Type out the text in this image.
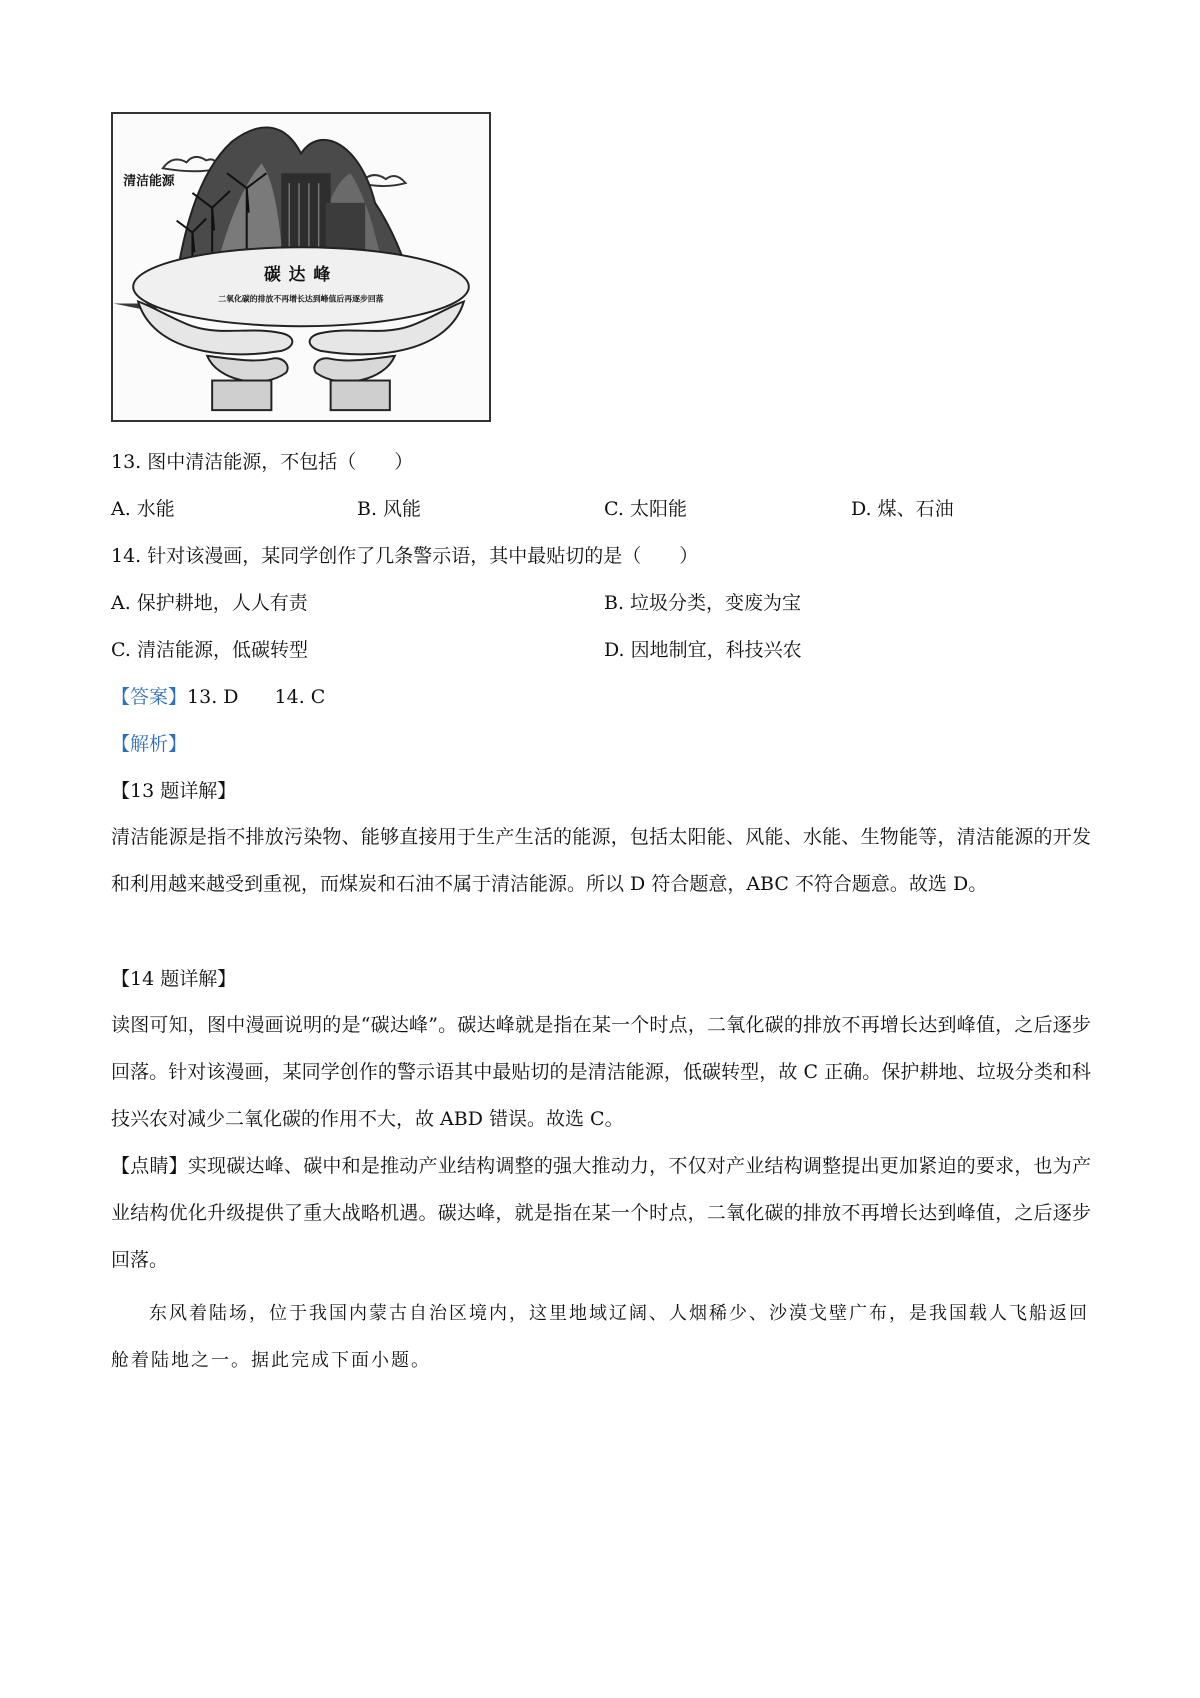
清洁能源
碳达峰
二氧化碳的排放不再增长达到峰值后再逐步回落
13. 图中清洁能源，不包括（　　）
A. 水能	B. 风能	C. 太阳能	D. 煤、石油
14. 针对该漫画，某同学创作了几条警示语，其中最贴切的是（　　）
A. 保护耕地，人人有责	B. 垃圾分类，变废为宝
C. 清洁能源，低碳转型	D. 因地制宜，科技兴农
【答案】13. D 14. C
【解析】
【13 题详解】
清洁能源是指不排放污染物、能够直接用于生产生活的能源，包括太阳能、风能、水能、生物能等，清洁能源的开发和利用越来越受到重视，而煤炭和石油不属于清洁能源。所以 D 符合题意，ABC 不符合题意。故选 D。
【14 题详解】
读图可知，图中漫画说明的是“碳达峰”。碳达峰就是指在某一个时点，二氧化碳的排放不再增长达到峰值，之后逐步回落。针对该漫画，某同学创作的警示语其中最贴切的是清洁能源，低碳转型，故 C 正确。保护耕地、垃圾分类和科技兴农对减少二氧化碳的作用不大，故 ABD 错误。故选 C。
【点睛】实现碳达峰、碳中和是推动产业结构调整的强大推动力，不仅对产业结构调整提出更加紧迫的要求，也为产业结构优化升级提供了重大战略机遇。碳达峰，就是指在某一个时点，二氧化碳的排放不再增长达到峰值，之后逐步回落。
东风着陆场，位于我国内蒙古自治区境内，这里地域辽阔、人烟稀少、沙漠戈壁广布，是我国载人飞船返回舱着陆地之一。据此完成下面小题。
